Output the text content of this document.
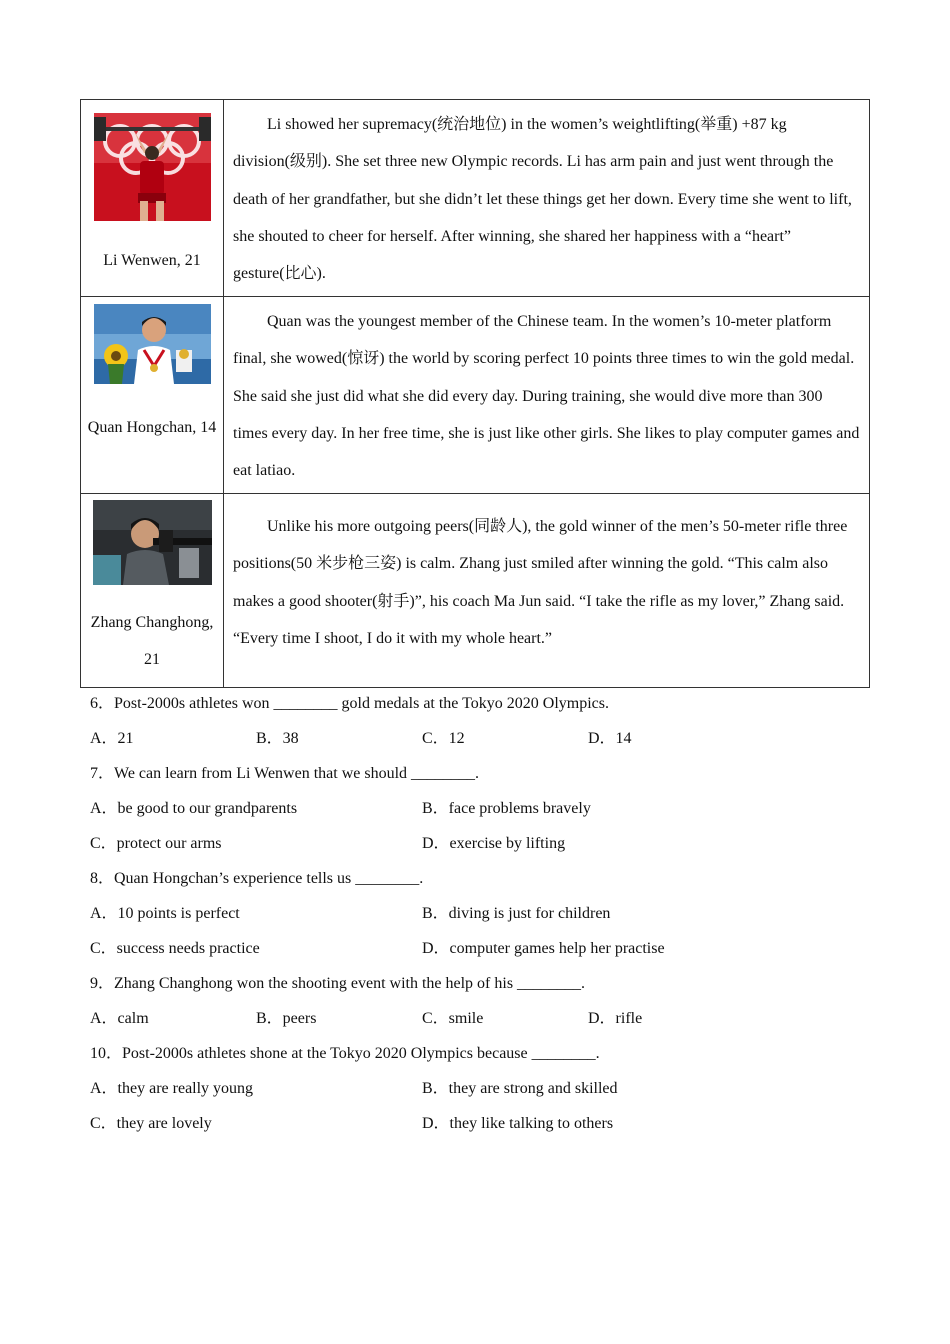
Li Wenwen, 21	Li showed her supremacy(统治地位) in the women’s weightlifting(举重) +87 kg division(级别). She set three new Olympic records. Li has arm pain and just went through the death of her grandfather, but she didn’t let these things get her down. Every time she went to lift, she shouted to cheer for herself. After winning, she shared her happiness with a “heart” gesture(比心).

Quan Hongchan, 14	Quan was the youngest member of the Chinese team. In the women’s 10-meter platform final, she wowed(惊讶) the world by scoring perfect 10 points three times to win the gold medal. She said she just did what she did every day. During training, she would dive more than 300 times every day. In her free time, she is just like other girls. She likes to play computer games and eat latiao.

Zhang Changhong, 21	Unlike his more outgoing peers(同龄人), the gold winner of the men’s 50-meter rifle three positions(50 米步枪三姿) is calm. Zhang just smiled after winning the gold. “This calm also makes a good shooter(射手)”, his coach Ma Jun said. “I take the rifle as my lover,” Zhang said. “Every time I shoot, I do it with my whole heart.”

6．Post-2000s athletes won ________ gold medals at the Tokyo 2020 Olympics.
A．21	B．38	C．12	D．14
7．We can learn from Li Wenwen that we should ________.
A．be good to our grandparents	B．face problems bravely
C．protect our arms	D．exercise by lifting
8．Quan Hongchan’s experience tells us ________.
A．10 points is perfect	B．diving is just for children
C．success needs practice	D．computer games help her practise
9．Zhang Changhong won the shooting event with the help of his ________.
A．calm	B．peers	C．smile	D．rifle
10．Post-2000s athletes shone at the Tokyo 2020 Olympics because ________.
A．they are really young	B．they are strong and skilled
C．they are lovely	D．they like talking to others
